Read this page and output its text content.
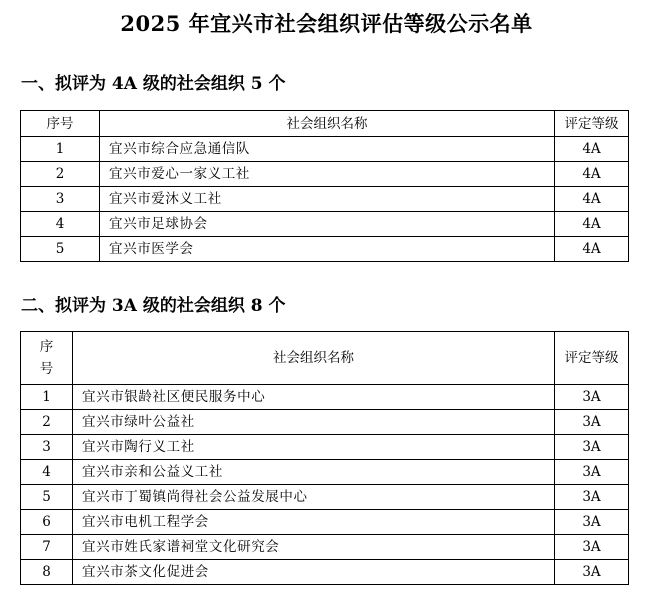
2025 年宜兴市社会组织评估等级公示名单
一、拟评为 4A 级的社会组织 5 个
序号	社会组织名称	评定等级
1	宜兴市综合应急通信队	4A
2	宜兴市爱心一家义工社	4A
3	宜兴市爱沐义工社	4A
4	宜兴市足球协会	4A
5	宜兴市医学会	4A
二、拟评为 3A 级的社会组织 8 个
序号	社会组织名称	评定等级
1	宜兴市银龄社区便民服务中心	3A
2	宜兴市绿叶公益社	3A
3	宜兴市陶行义工社	3A
4	宜兴市亲和公益义工社	3A
5	宜兴市丁蜀镇尚得社会公益发展中心	3A
6	宜兴市电机工程学会	3A
7	宜兴市姓氏家谱祠堂文化研究会	3A
8	宜兴市茶文化促进会	3A
